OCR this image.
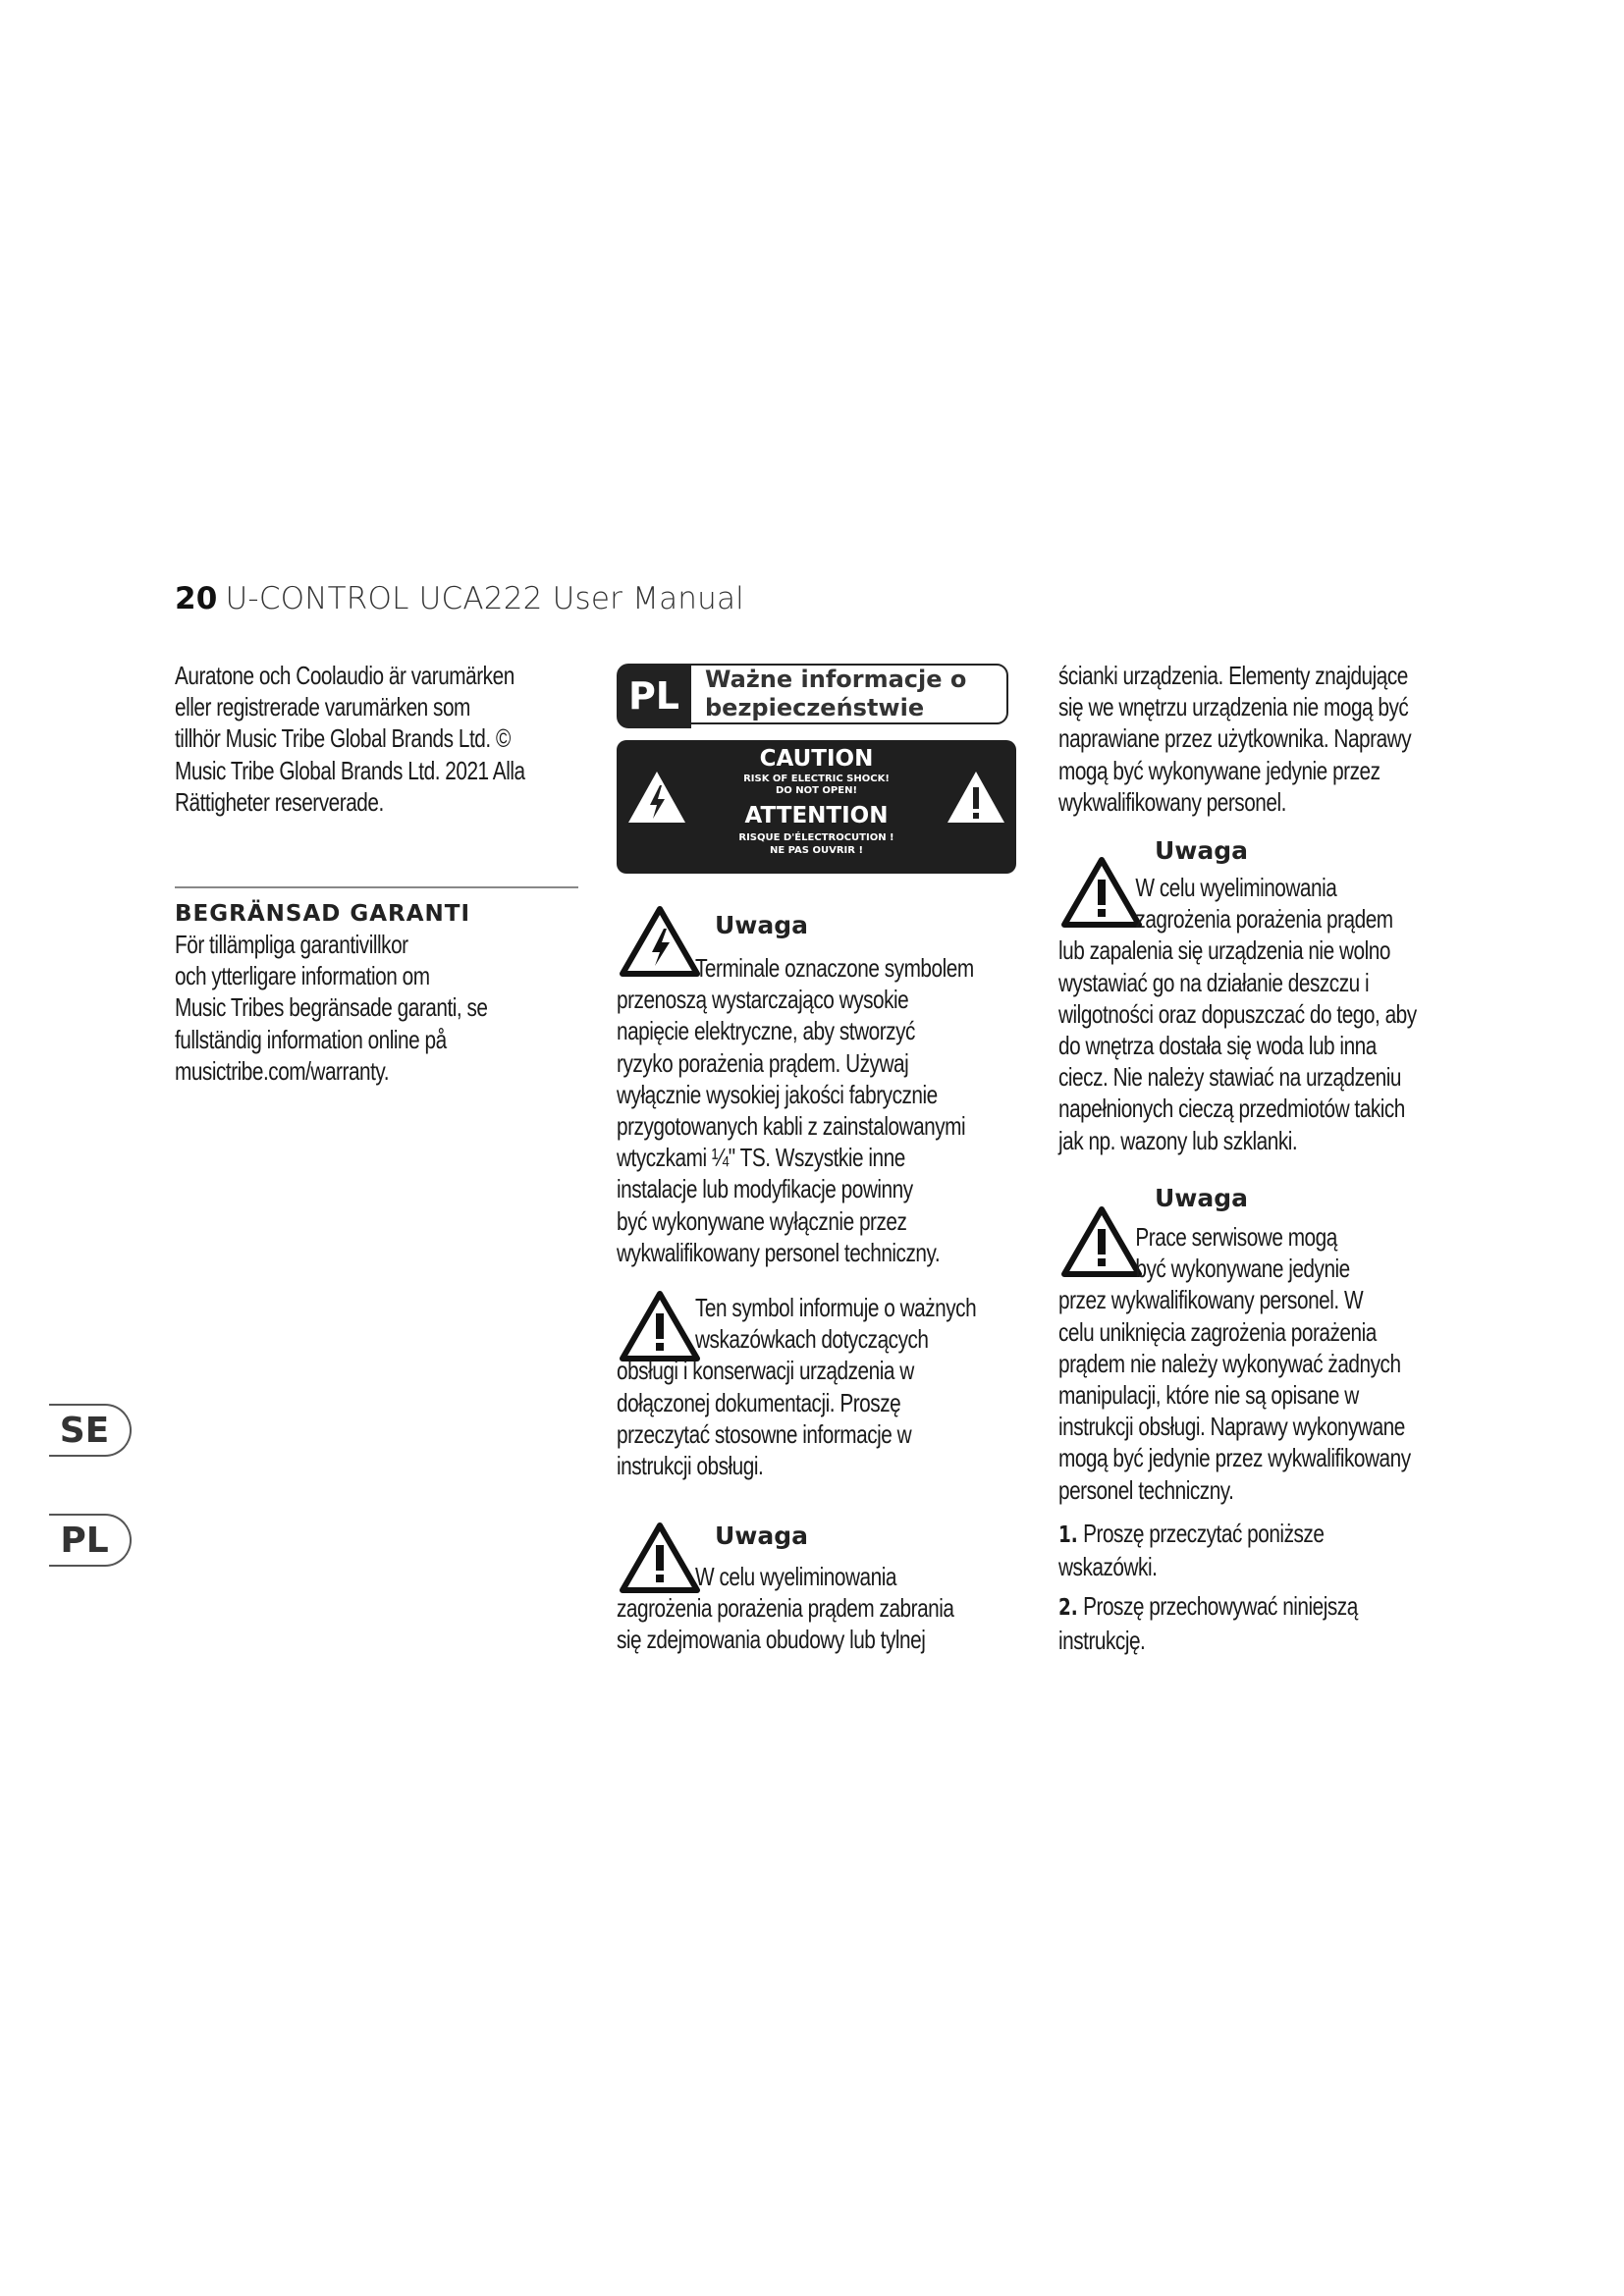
20 U-CONTROL UCA222 User Manual
Auratone och Coolaudio är varumärken
eller registrerade varumärken som
tillhör Music Tribe Global Brands Ltd. ©
Music Tribe Global Brands Ltd. 2021 Alla
Rättigheter reserverade.
BEGRÄNSAD GARANTI
För tillämpliga garantivillkor
och ytterligare information om
Music Tribes begränsade garanti, se
fullständig information online på
musictribe.com/warranty.
PL	Ważne informacje o
bezpieczeństwie
CAUTION
RISK OF ELECTRIC SHOCK!
DO NOT OPEN!
ATTENTION
RISQUE D'ÉLECTROCUTION !
NE PAS OUVRIR !
Uwaga
Terminale oznaczone symbolem
przenoszą wystarczająco wysokie
napięcie elektryczne, aby stworzyć
ryzyko porażenia prądem. Używaj
wyłącznie wysokiej jakości fabrycznie
przygotowanych kabli z zainstalowanymi
wtyczkami ¼" TS. Wszystkie inne
instalacje lub modyfikacje powinny
być wykonywane wyłącznie przez
wykwalifikowany personel techniczny.
Ten symbol informuje o ważnych
wskazówkach dotyczących
obsługi i konserwacji urządzenia w
dołączonej dokumentacji. Proszę
przeczytać stosowne informacje w
instrukcji obsługi.
Uwaga
W celu wyeliminowania
zagrożenia porażenia prądem zabrania
się zdejmowania obudowy lub tylnej
ścianki urządzenia. Elementy znajdujące
się we wnętrzu urządzenia nie mogą być
naprawiane przez użytkownika. Naprawy
mogą być wykonywane jedynie przez
wykwalifikowany personel.
Uwaga
W celu wyeliminowania
zagrożenia porażenia prądem
lub zapalenia się urządzenia nie wolno
wystawiać go na działanie deszczu i
wilgotności oraz dopuszczać do tego, aby
do wnętrza dostała się woda lub inna
ciecz. Nie należy stawiać na urządzeniu
napełnionych cieczą przedmiotów takich
jak np. wazony lub szklanki.
Uwaga
Prace serwisowe mogą
być wykonywane jedynie
przez wykwalifikowany personel. W
celu uniknięcia zagrożenia porażenia
prądem nie należy wykonywać żadnych
manipulacji, które nie są opisane w
instrukcji obsługi. Naprawy wykonywane
mogą być jedynie przez wykwalifikowany
personel techniczny.
1. Proszę przeczytać poniższe
wskazówki.
2. Proszę przechowywać niniejszą
instrukcję.
SE
PL
